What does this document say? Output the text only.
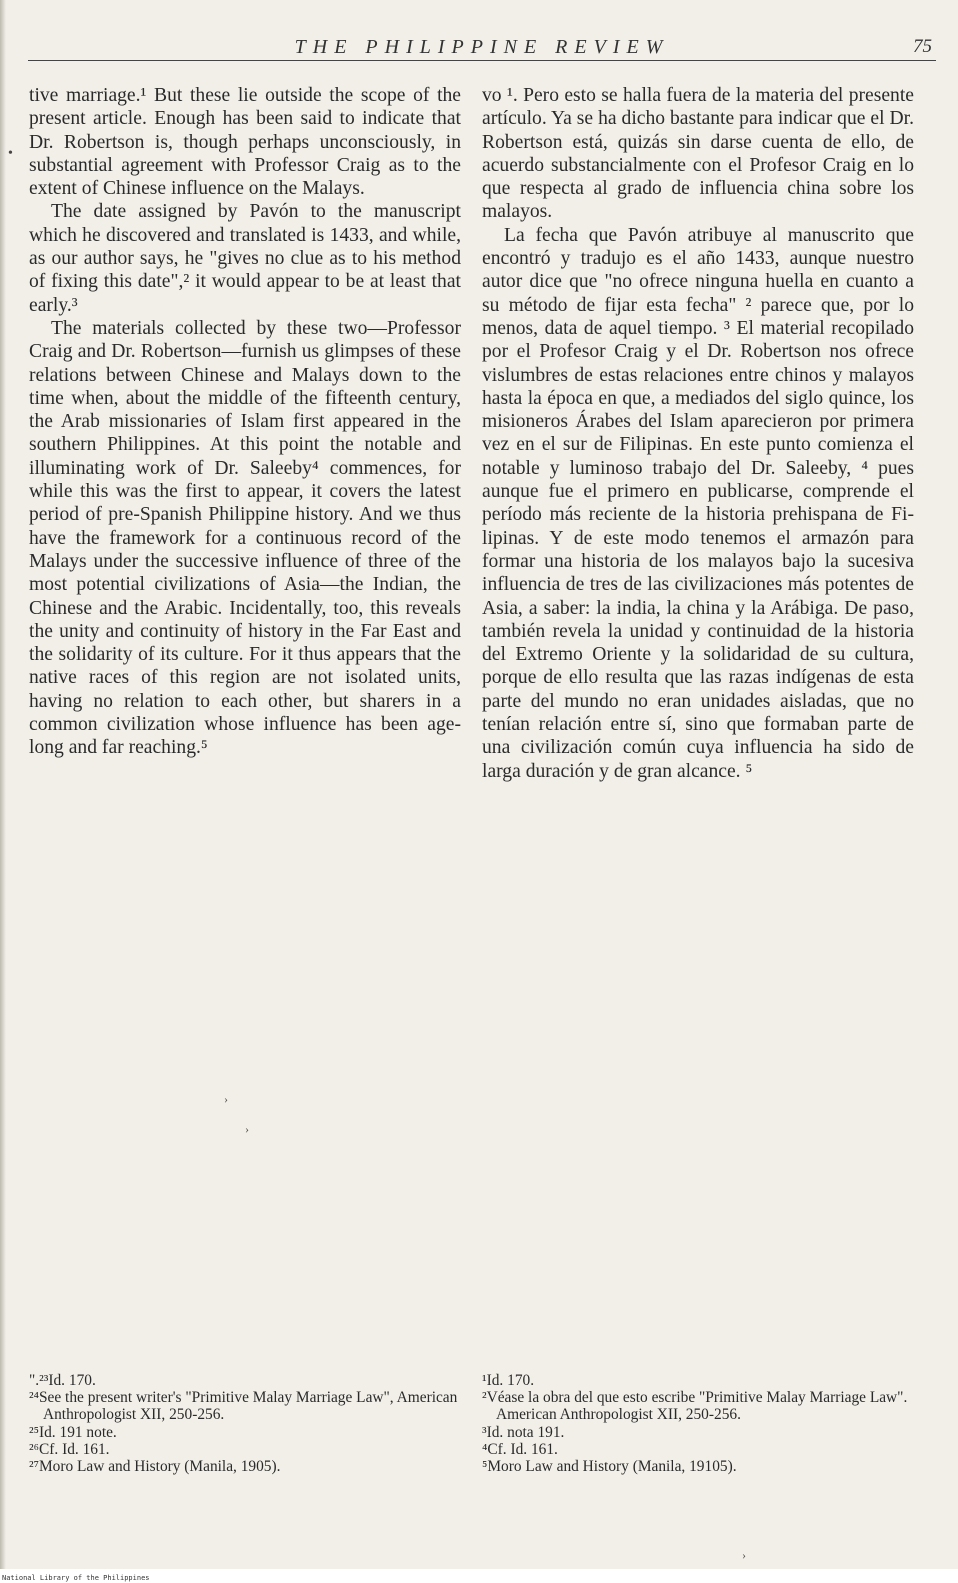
•
THE PHILIPPINE REVIEW	75

tive marriage.¹ But these lie outside the scope of the present article. Enough has been said to indicate that Dr. Robertson is, though perhaps unconsciously, in substantial agreement with Professor Craig as to the extent of Chinese influence on the Malays.

The date assigned by Pavón to the manuscript which he discovered and translated is 1433, and while, as our author says, he "gives no clue as to his method of fixing this date",² it would appear to be at least that early.³

The materials collected by these two—Professor Craig and Dr. Robertson—furnish us glimpses of these relations between Chinese and Malays down to the time when, about the middle of the fifteenth century, the Arab missionaries of Islam first appeared in the southern Philippines. At this point the notable and illuminating work of Dr. Saleeby⁴ commences, for while this was the first to appear, it covers the latest period of pre-Spanish Philippine history. And we thus have the framework for a continuous record of the Malays under the successive influence of three of the most potential civilizations of Asia—the Indian, the Chinese and the Arabic. Incidentally, too, this reveals the unity and continuity of history in the Far East and the solidarity of its culture. For it thus appears that the native races of this region are not isolated units, having no relation to each other, but sharers in a common civilization whose influence has been age-long and far reaching.⁵

vo ¹. Pero esto se halla fuera de la materia del presente artículo. Ya se ha dicho bastante para indicar que el Dr. Robertson está, quizás sin darse cuenta de ello, de acuerdo substancialmente con el Profesor Craig en lo que respecta al grado de influencia china sobre los malayos.

La fecha que Pavón atribuye al manuscrito que encontró y tradujo es el año 1433, aunque nuestro autor dice que "no ofrece ninguna huella en cuanto a su método de fijar esta fecha" ² parece que, por lo menos, data de aquel tiempo. ³ El material recopilado por el Profesor Craig y el Dr. Robertson nos ofrece vislumbres de estas relaciones entre chinos y malayos hasta la época en que, a mediados del siglo quince, los misioneros Árabes del Islam aparecieron por primera vez en el sur de Filipinas. En este punto comienza el notable y luminoso trabajo del Dr. Saleeby, ⁴ pues aunque fue el primero en publicarse, comprende el período más reciente de la historia prehispana de Filipinas. Y de este modo tenemos el armazón para formar una historia de los malayos bajo la sucesiva influencia de tres de las civilizaciones más potentes de Asia, a saber: la india, la china y la Arábiga. De paso, también revela la unidad y continuidad de la historia del Extremo Oriente y la solidaridad de su cultura, porque de ello resulta que las razas indígenas de esta parte del mundo no eran unidades aisladas, que no tenían relación entre sí, sino que formaban parte de una civilización común cuya influencia ha sido de larga duración y de gran alcance. ⁵

›
›

".²³Id. 170.

²⁴See the present writer's "Primitive Malay Marriage Law", American Anthropologist XII, 250-256.

²⁵Id. 191 note.

²⁶Cf. Id. 161.

²⁷Moro Law and History (Manila, 1905).

¹Id. 170.

²Véase la obra del que esto escribe "Primitive Malay Marriage Law". American Anthropologist XII, 250-256.

³Id. nota 191.

⁴Cf. Id. 161.

⁵Moro Law and History (Manila, 19105).

›
National Library of the Philippines
